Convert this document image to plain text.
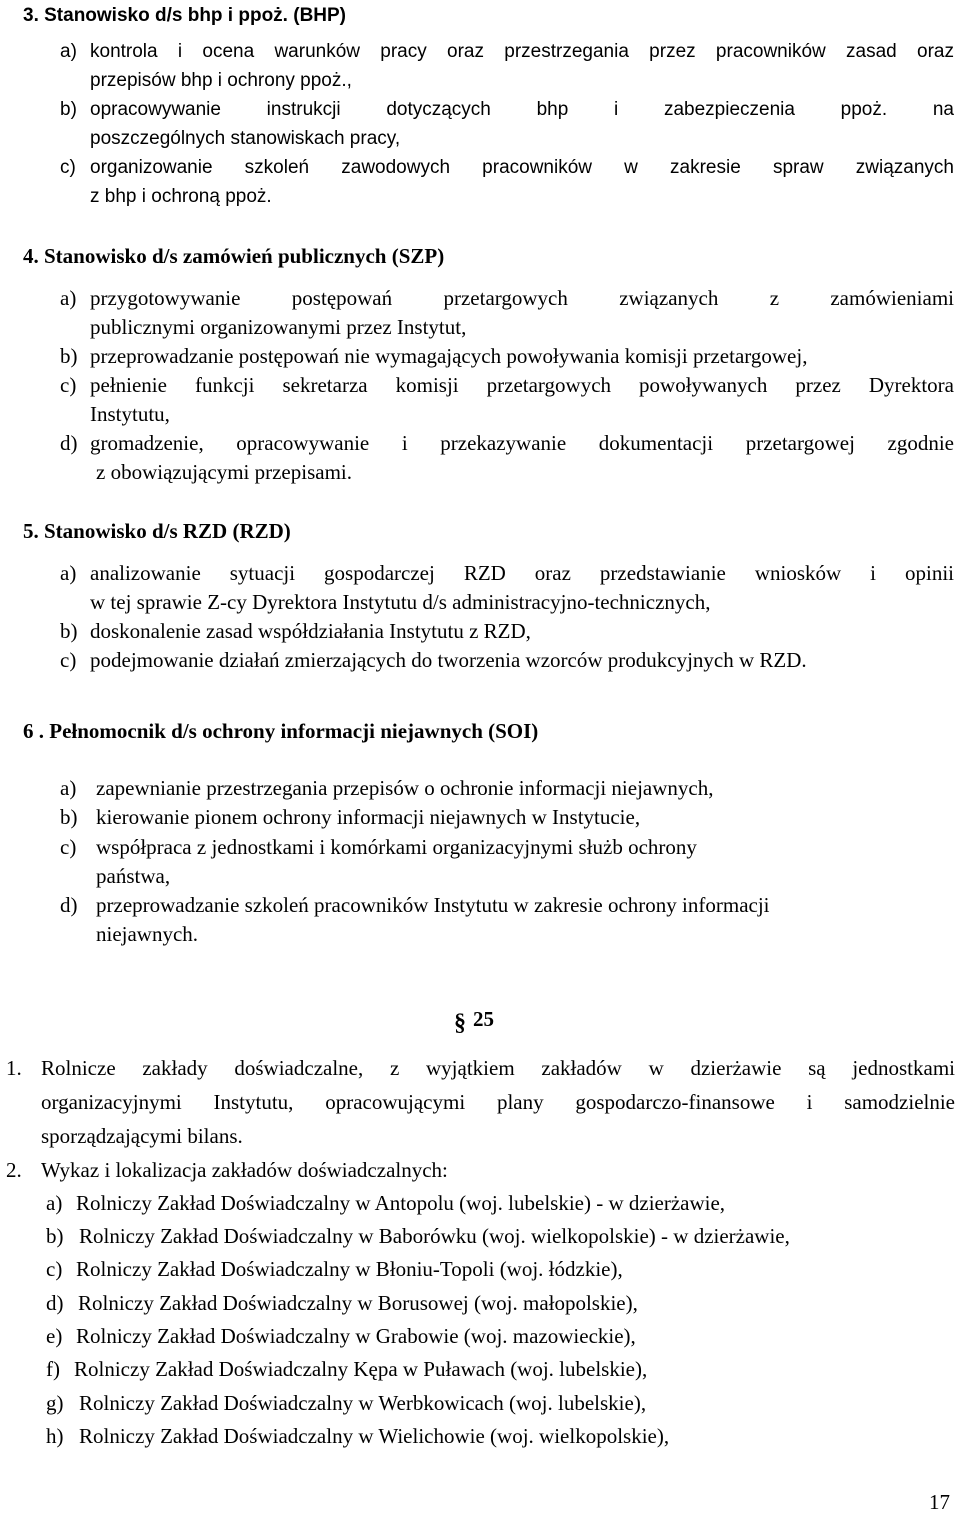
3. Stanowisko d/s bhp i ppoż. (BHP)
a) kontrola i ocena warunków pracy oraz przestrzegania przez pracowników zasad oraz
przepisów bhp i ochrony ppoż.,
b) opracowywanie instrukcji dotyczących bhp i zabezpieczenia ppoż. na
poszczególnych stanowiskach pracy,
c) organizowanie szkoleń zawodowych pracowników w zakresie spraw związanych
z bhp i ochroną ppoż.
4. Stanowisko d/s zamówień publicznych (SZP)
a) przygotowywanie postępowań przetargowych związanych z zamówieniami
publicznymi organizowanymi przez Instytut,
b) przeprowadzanie postępowań nie wymagających powoływania komisji przetargowej,
c) pełnienie funkcji sekretarza komisji przetargowych powoływanych przez Dyrektora
Instytutu,
d) gromadzenie, opracowywanie i przekazywanie dokumentacji przetargowej zgodnie
z obowiązującymi przepisami.
5. Stanowisko d/s RZD (RZD)
a) analizowanie sytuacji gospodarczej RZD oraz przedstawianie wniosków i opinii
w tej sprawie Z-cy Dyrektora Instytutu d/s administracyjno-technicznych,
b) doskonalenie zasad współdziałania Instytutu z RZD,
c) podejmowanie działań zmierzających do tworzenia wzorców produkcyjnych w RZD.
6 . Pełnomocnik d/s ochrony informacji niejawnych (SOI)
a) zapewnianie przestrzegania przepisów o ochronie informacji niejawnych,
b) kierowanie pionem ochrony informacji niejawnych w Instytucie,
c) współpraca z jednostkami i komórkami organizacyjnymi służb ochrony
państwa,
d) przeprowadzanie szkoleń pracowników Instytutu w zakresie ochrony informacji
niejawnych.
§ 25
1. Rolnicze zakłady doświadczalne, z wyjątkiem zakładów w dzierżawie są jednostkami
organizacyjnymi Instytutu, opracowującymi plany gospodarczo-finansowe i samodzielnie
sporządzającymi bilans.
2. Wykaz i lokalizacja zakładów doświadczalnych:
a) Rolniczy Zakład Doświadczalny w Antopolu (woj. lubelskie) - w dzierżawie,
b) Rolniczy Zakład Doświadczalny w Baborówku (woj. wielkopolskie) - w dzierżawie,
c) Rolniczy Zakład Doświadczalny w Błoniu-Topoli (woj. łódzkie),
d) Rolniczy Zakład Doświadczalny w Borusowej (woj. małopolskie),
e) Rolniczy Zakład Doświadczalny w Grabowie (woj. mazowieckie),
f) Rolniczy Zakład Doświadczalny Kępa w Puławach (woj. lubelskie),
g) Rolniczy Zakład Doświadczalny w Werbkowicach (woj. lubelskie),
h) Rolniczy Zakład Doświadczalny w Wielichowie (woj. wielkopolskie),
17
